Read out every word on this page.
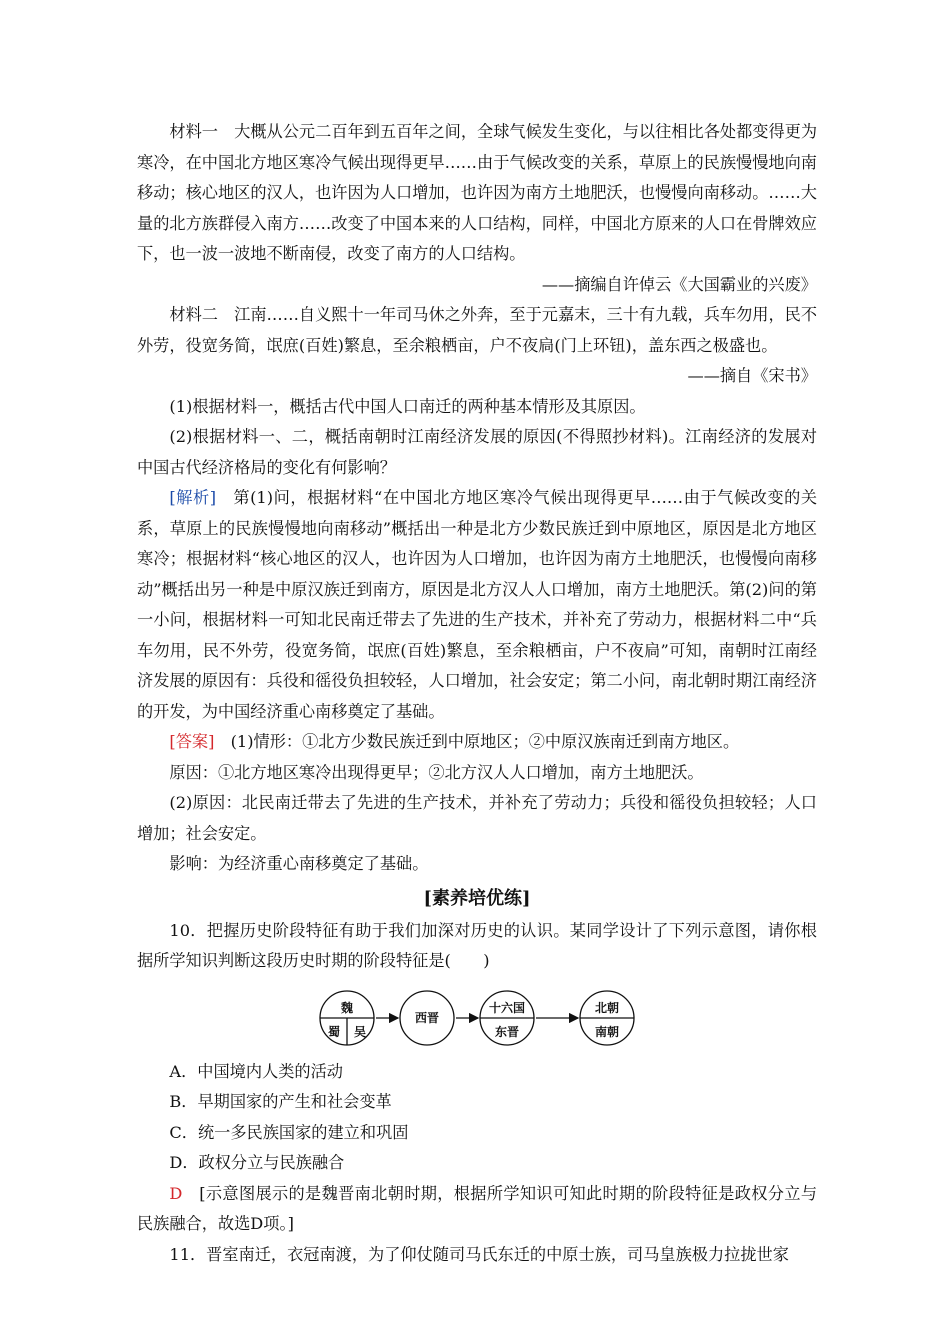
材料一　 大概从公元二百年到五百年之间，全球气候发生变化，与以往相比各处都变得更为寒冷，在中国北方地区寒冷气候出现得更早……由于气候改变的关系，草原上的民族慢慢地向南移动；核心地区的汉人，也许因为人口增加，也许因为南方土地肥沃，也慢慢向南移动。……大量的北方族群侵入南方……改变了中国本来的人口结构，同样，中国北方原来的人口在骨牌效应下，也一波一波地不断南侵，改变了南方的人口结构。

——摘编自许倬云《大国霸业的兴废》

材料二　 江南……自义熙十一年司马休之外奔，至于元嘉末，三十有九载，兵车勿用，民不外劳，役宽务简，氓庶(百姓)繁息，至余粮栖亩，户不夜扃(门上环钮)，盖东西之极盛也。

——摘自《宋书》

(1)根据材料一，概括古代中国人口南迁的两种基本情形及其原因。

(2)根据材料一、二，概括南朝时江南经济发展的原因(不得照抄材料)。江南经济的发展对中国古代经济格局的变化有何影响？

[解析]　 第(1)问，根据材料“在中国北方地区寒冷气候出现得更早……由于气候改变的关系，草原上的民族慢慢地向南移动”概括出一种是北方少数民族迁到中原地区，原因是北方地区寒冷；根据材料“核心地区的汉人，也许因为人口增加，也许因为南方土地肥沃，也慢慢向南移动”概括出另一种是中原汉族迁到南方，原因是北方汉人人口增加，南方土地肥沃。第(2)问的第一小问，根据材料一可知北民南迁带去了先进的生产技术，并补充了劳动力，根据材料二中“兵车勿用，民不外劳，役宽务简，氓庶(百姓)繁息，至余粮栖亩，户不夜扃”可知，南朝时江南经济发展的原因有：兵役和徭役负担较轻，人口增加，社会安定；第二小问，南北朝时期江南经济的开发，为中国经济重心南移奠定了基础。

[答案]　 (1)情形：①北方少数民族迁到中原地区；②中原汉族南迁到南方地区。

原因：①北方地区寒冷出现得更早；②北方汉人人口增加，南方土地肥沃。

(2)原因：北民南迁带去了先进的生产技术，并补充了劳动力；兵役和徭役负担较轻；人口增加；社会安定。

影响：为经济重心南移奠定了基础。

[素养培优练]

10．把握历史阶段特征有助于我们加深对历史的认识。某同学设计了下列示意图，请你根据所学知识判断这段历史时期的阶段特征是(　　)

魏
蜀 吴
西晋
十六国
东晋
北朝
南朝

A．中国境内人类的活动

B．早期国家的产生和社会变革

C．统一多民族国家的建立和巩固

D．政权分立与民族融合

D　 [示意图展示的是魏晋南北朝时期，根据所学知识可知此时期的阶段特征是政权分立与民族融合，故选D项。]

11．晋室南迁，衣冠南渡，为了仰仗随司马氏东迁的中原士族，司马皇族极力拉拢世家
